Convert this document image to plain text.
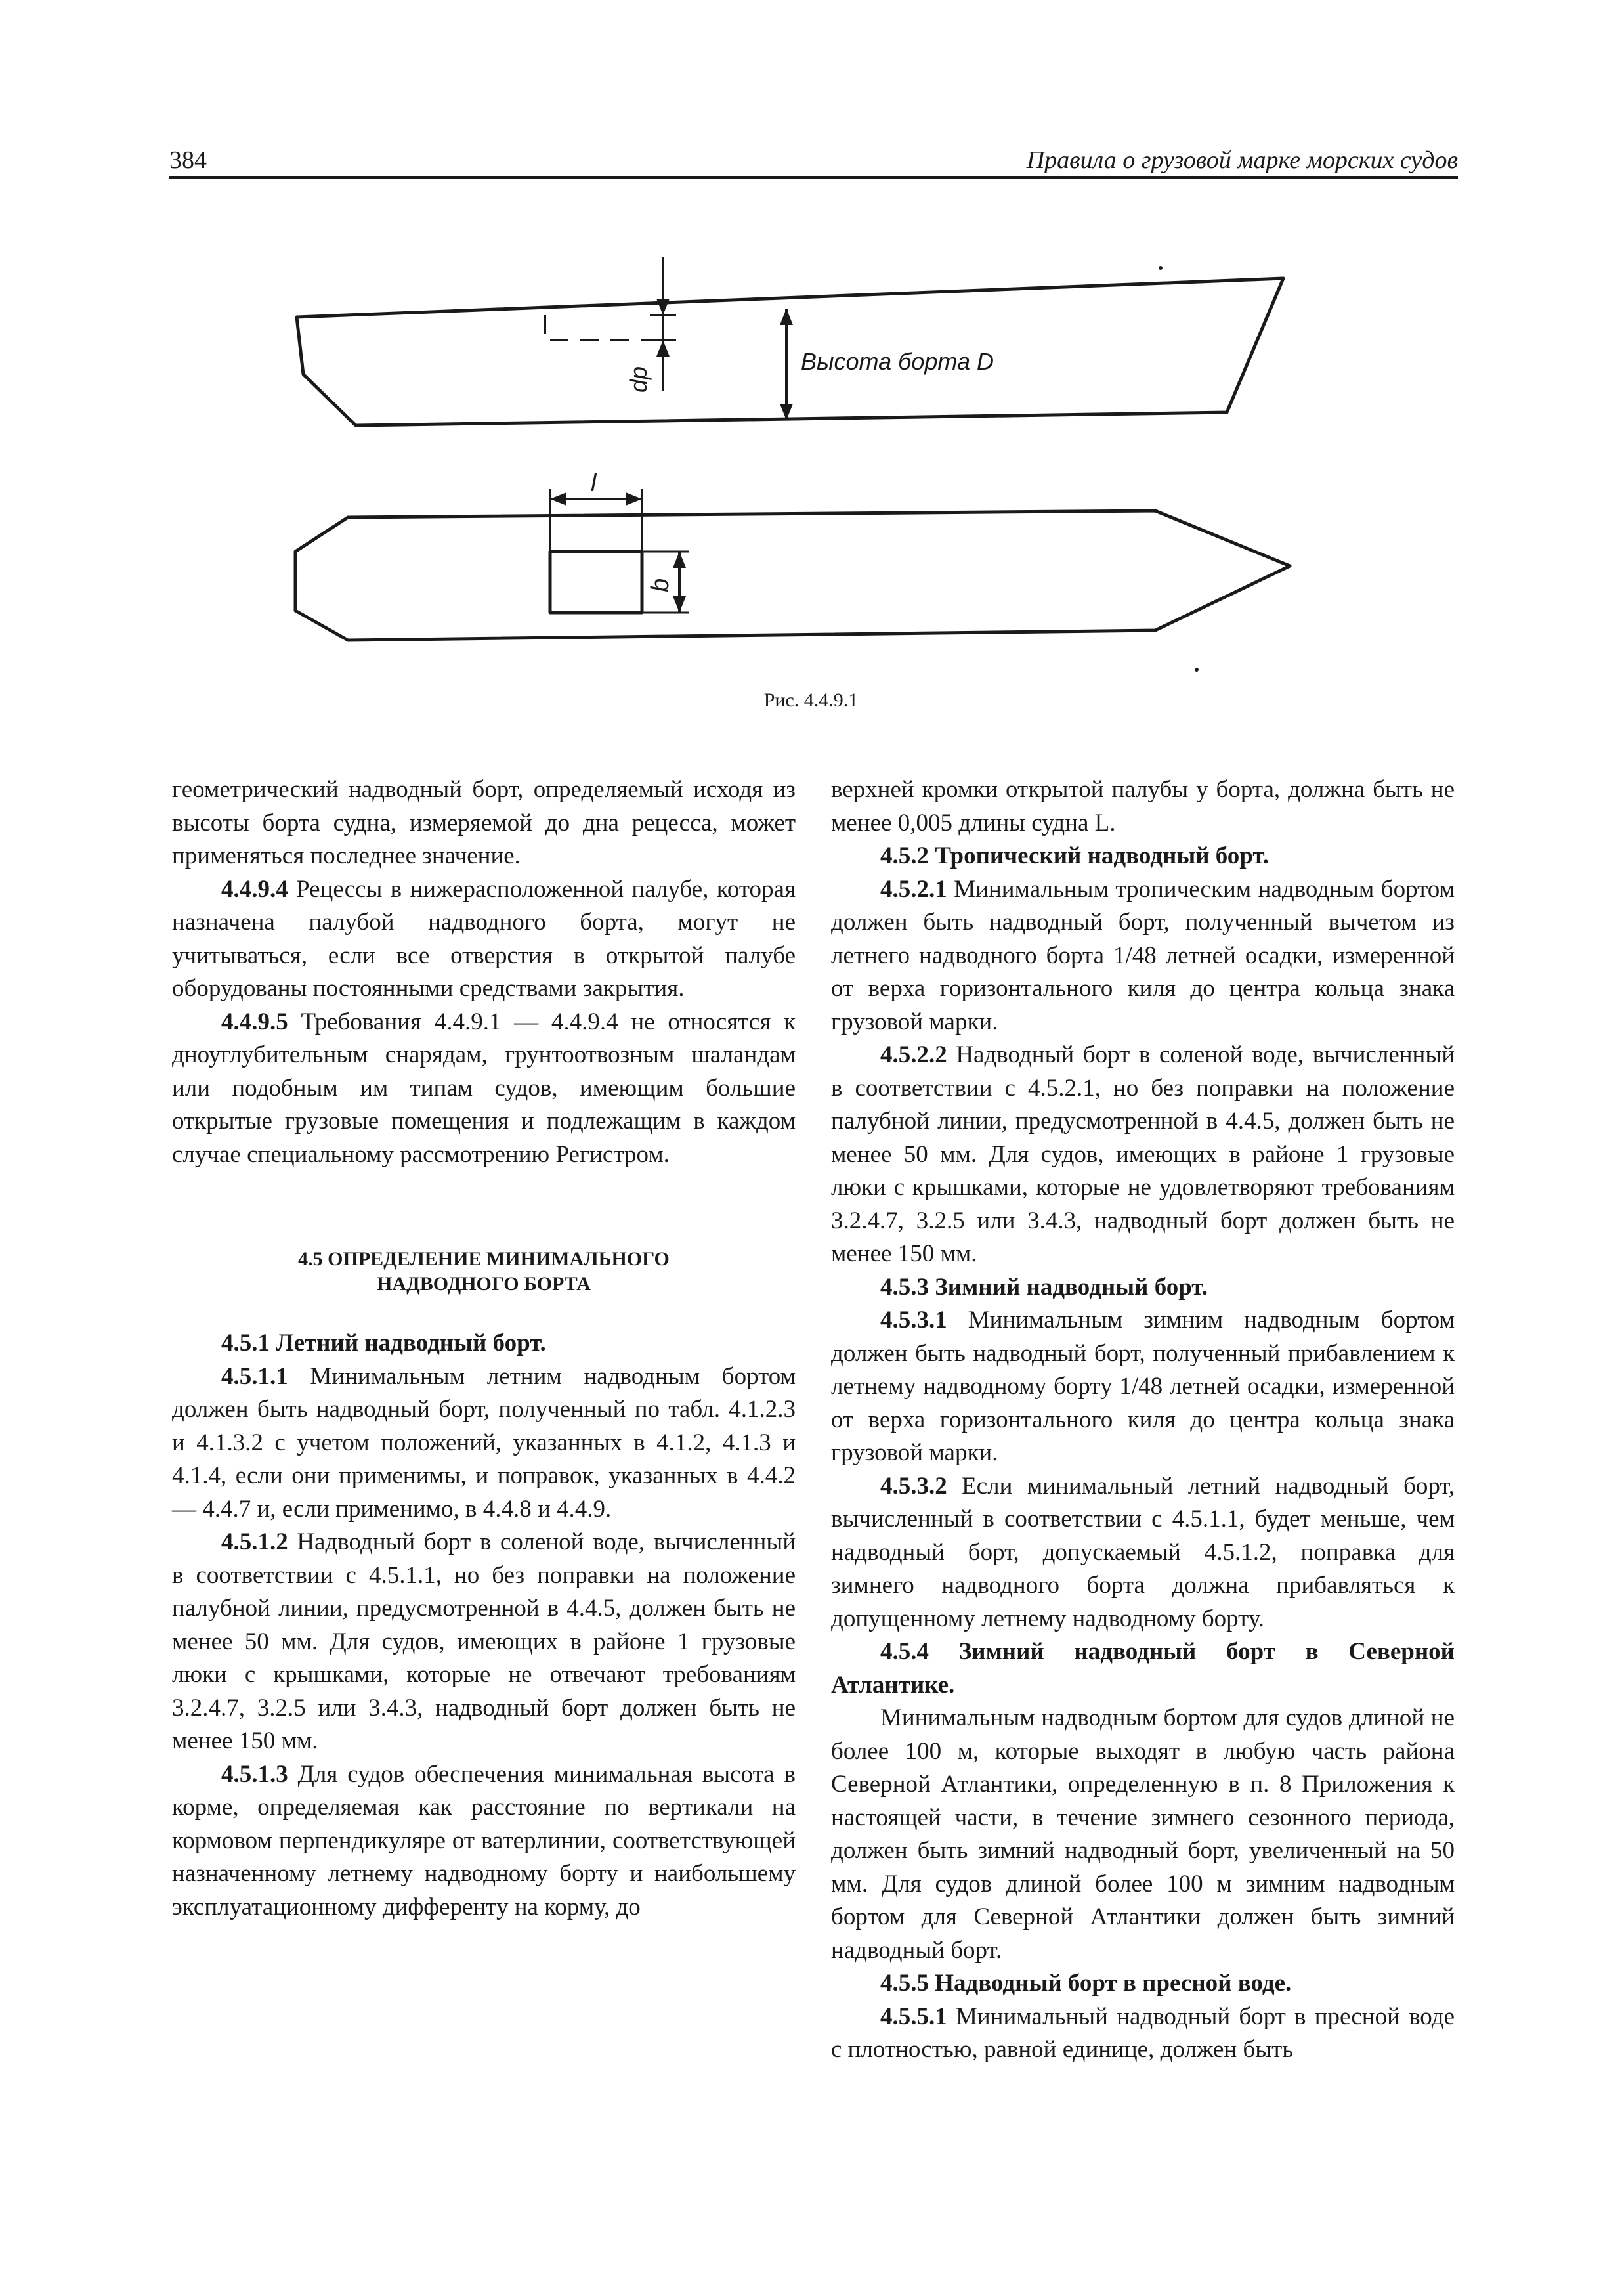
384	Правила о грузовой марке морских судов
dp
Высота борта D
l
b
Рис. 4.4.9.1

геометрический надводный борт, определяемый исходя из высоты борта судна, измеряемой до дна рецесса, может применяться последнее значение.

4.4.9.4 Рецессы в нижерасположенной палубе, которая назначена палубой надводного борта, могут не учитываться, если все отверстия в открытой палубе оборудованы постоянными средствами закрытия.

4.4.9.5 Требования 4.4.9.1 — 4.4.9.4 не относятся к дноуглубительным снарядам, грунтоотвозным шаландам или подобным им типам судов, имеющим большие открытые грузовые помещения и подлежащим в каждом случае специальному рассмотрению Регистром.

4.5 ОПРЕДЕЛЕНИЕ МИНИМАЛЬНОГО
НАДВОДНОГО БОРТА

4.5.1 Летний надводный борт.

4.5.1.1 Минимальным летним надводным бортом должен быть надводный борт, полученный по табл. 4.1.2.3 и 4.1.3.2 с учетом положений, указанных в 4.1.2, 4.1.3 и 4.1.4, если они применимы, и поправок, указанных в 4.4.2 — 4.4.7 и, если применимо, в 4.4.8 и 4.4.9.

4.5.1.2 Надводный борт в соленой воде, вычисленный в соответствии с 4.5.1.1, но без поправки на положение палубной линии, предусмотренной в 4.4.5, должен быть не менее 50 мм. Для судов, имеющих в районе 1 грузовые люки с крышками, которые не отвечают требованиям 3.2.4.7, 3.2.5 или 3.4.3, надводный борт должен быть не менее 150 мм.

4.5.1.3 Для судов обеспечения минимальная высота в корме, определяемая как расстояние по вертикали на кормовом перпендикуляре от ватерлинии, соответствующей назначенному летнему надводному борту и наибольшему эксплуатационному дифференту на корму, до

верхней кромки открытой палубы у борта, должна быть не менее 0,005 длины судна L.

4.5.2 Тропический надводный борт.

4.5.2.1 Минимальным тропическим надводным бортом должен быть надводный борт, полученный вычетом из летнего надводного борта 1/48 летней осадки, измеренной от верха горизонтального киля до центра кольца знака грузовой марки.

4.5.2.2 Надводный борт в соленой воде, вычисленный в соответствии с 4.5.2.1, но без поправки на положение палубной линии, предусмотренной в 4.4.5, должен быть не менее 50 мм. Для судов, имеющих в районе 1 грузовые люки с крышками, которые не удовлетворяют требованиям 3.2.4.7, 3.2.5 или 3.4.3, надводный борт должен быть не менее 150 мм.

4.5.3 Зимний надводный борт.

4.5.3.1 Минимальным зимним надводным бортом должен быть надводный борт, полученный прибавлением к летнему надводному борту 1/48 летней осадки, измеренной от верха горизонтального киля до центра кольца знака грузовой марки.

4.5.3.2 Если минимальный летний надводный борт, вычисленный в соответствии с 4.5.1.1, будет меньше, чем надводный борт, допускаемый 4.5.1.2, поправка для зимнего надводного борта должна прибавляться к допущенному летнему надводному борту.

4.5.4 Зимний надводный борт в Северной Атлантике.

Минимальным надводным бортом для судов длиной не более 100 м, которые выходят в любую часть района Северной Атлантики, определенную в п. 8 Приложения к настоящей части, в течение зимнего сезонного периода, должен быть зимний надводный борт, увеличенный на 50 мм. Для судов длиной более 100 м зимним надводным бортом для Северной Атлантики должен быть зимний надводный борт.

4.5.5 Надводный борт в пресной воде.

4.5.5.1 Минимальный надводный борт в пресной воде с плотностью, равной единице, должен быть
